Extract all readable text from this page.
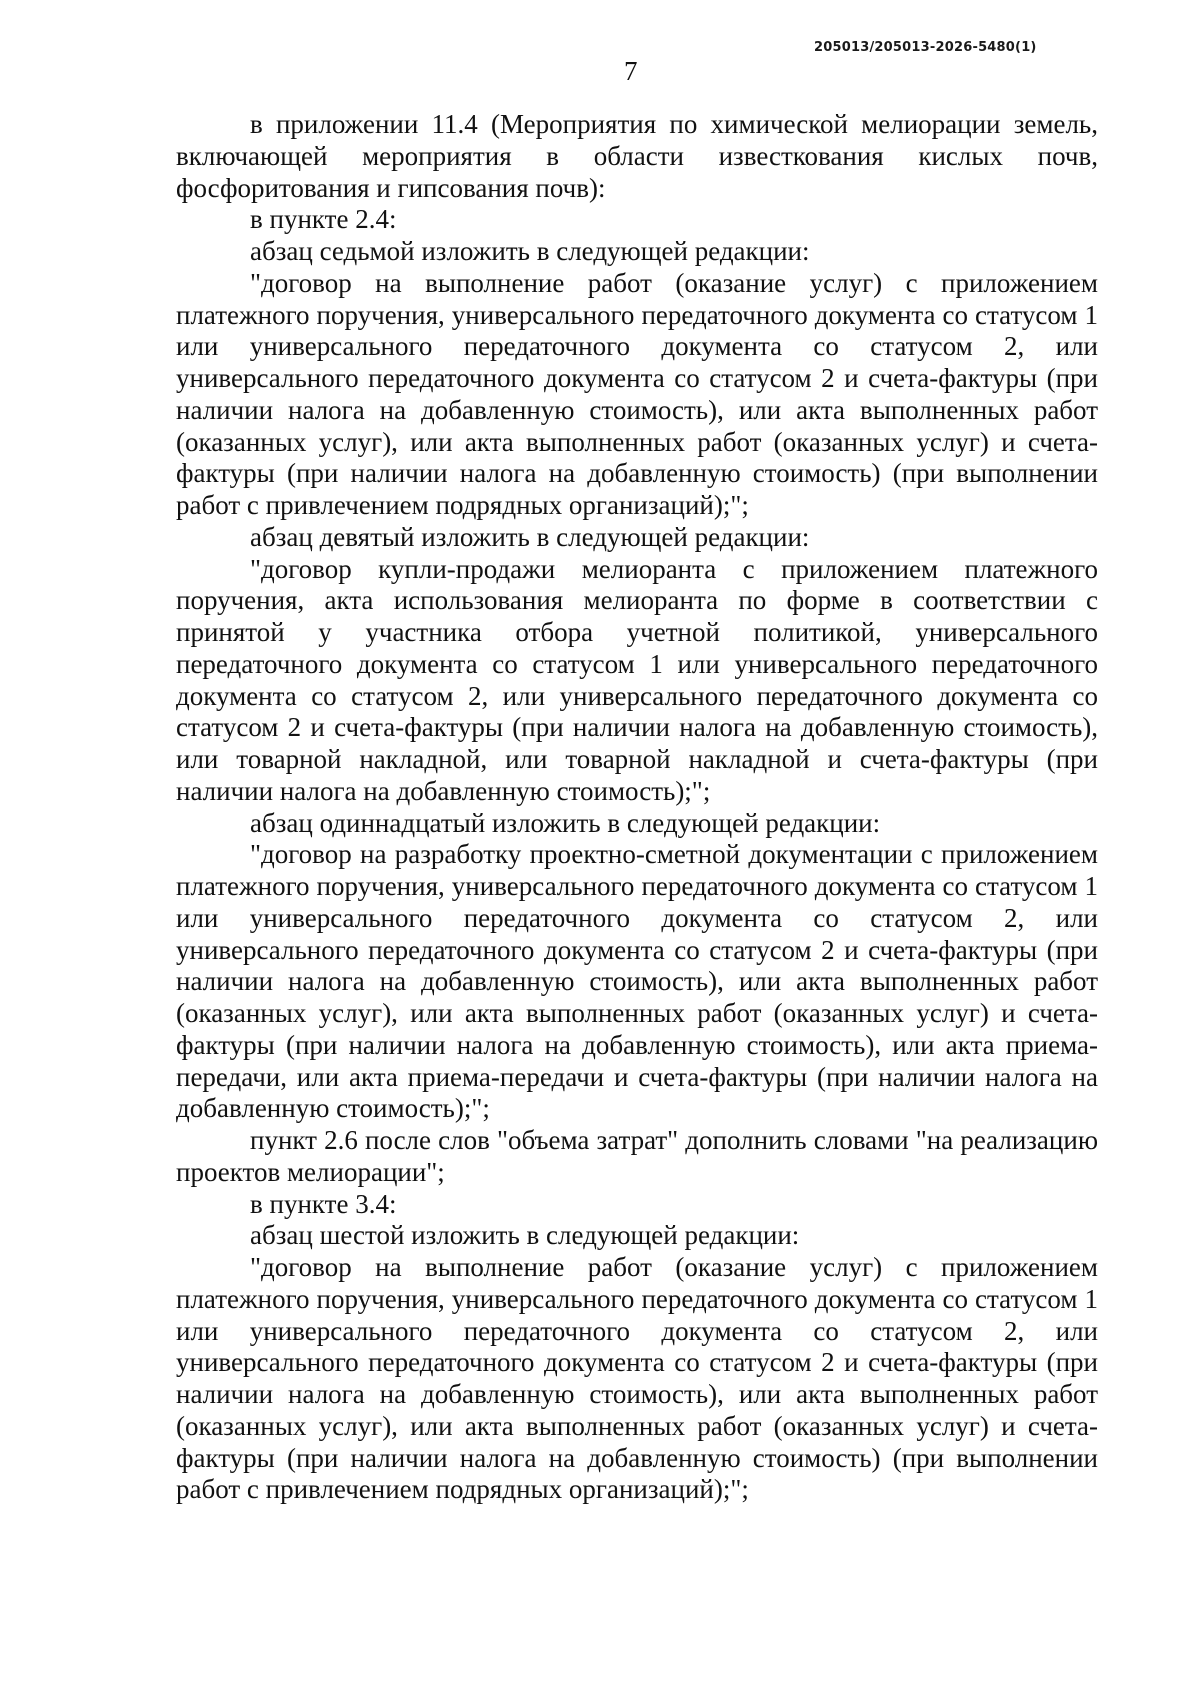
205013/205013-2026-5480(1)
7

в приложении 11.4 (Мероприятия по химической мелиорации земель, включающей мероприятия в области известкования кислых почв, фосфоритования и гипсования почв):

в пункте 2.4:

абзац седьмой изложить в следующей редакции:

"договор на выполнение работ (оказание услуг) с приложением платежного поручения, универсального передаточного документа со статусом 1 или универсального передаточного документа со статусом 2, или универсального передаточного документа со статусом 2 и счета-фактуры (при наличии налога на добавленную стоимость), или акта выполненных работ (оказанных услуг), или акта выполненных работ (оказанных услуг) и счета-фактуры (при наличии налога на добавленную стоимость) (при выполнении работ с привлечением подрядных организаций);";

абзац девятый изложить в следующей редакции:

"договор купли-продажи мелиоранта с приложением платежного поручения, акта использования мелиоранта по форме в соответствии с принятой у участника отбора учетной политикой, универсального передаточного документа со статусом 1 или универсального передаточного документа со статусом 2, или универсального передаточного документа со статусом 2 и счета-фактуры (при наличии налога на добавленную стоимость), или товарной накладной, или товарной накладной и счета-фактуры (при наличии налога на добавленную стоимость);";

абзац одиннадцатый изложить в следующей редакции:

"договор на разработку проектно-сметной документации с приложением платежного поручения, универсального передаточного документа со статусом 1 или универсального передаточного документа со статусом 2, или универсального передаточного документа со статусом 2 и счета-фактуры (при наличии налога на добавленную стоимость), или акта выполненных работ (оказанных услуг), или акта выполненных работ (оказанных услуг) и счета-фактуры (при наличии налога на добавленную стоимость), или акта приема-передачи, или акта приема-передачи и счета-фактуры (при наличии налога на добавленную стоимость);";

пункт 2.6 после слов "объема затрат" дополнить словами "на реализацию проектов мелиорации";

в пункте 3.4:

абзац шестой изложить в следующей редакции:

"договор на выполнение работ (оказание услуг) с приложением платежного поручения, универсального передаточного документа со статусом 1 или универсального передаточного документа со статусом 2, или универсального передаточного документа со статусом 2 и счета-фактуры (при наличии налога на добавленную стоимость), или акта выполненных работ (оказанных услуг), или акта выполненных работ (оказанных услуг) и счета-фактуры (при наличии налога на добавленную стоимость) (при выполнении работ с привлечением подрядных организаций);";
